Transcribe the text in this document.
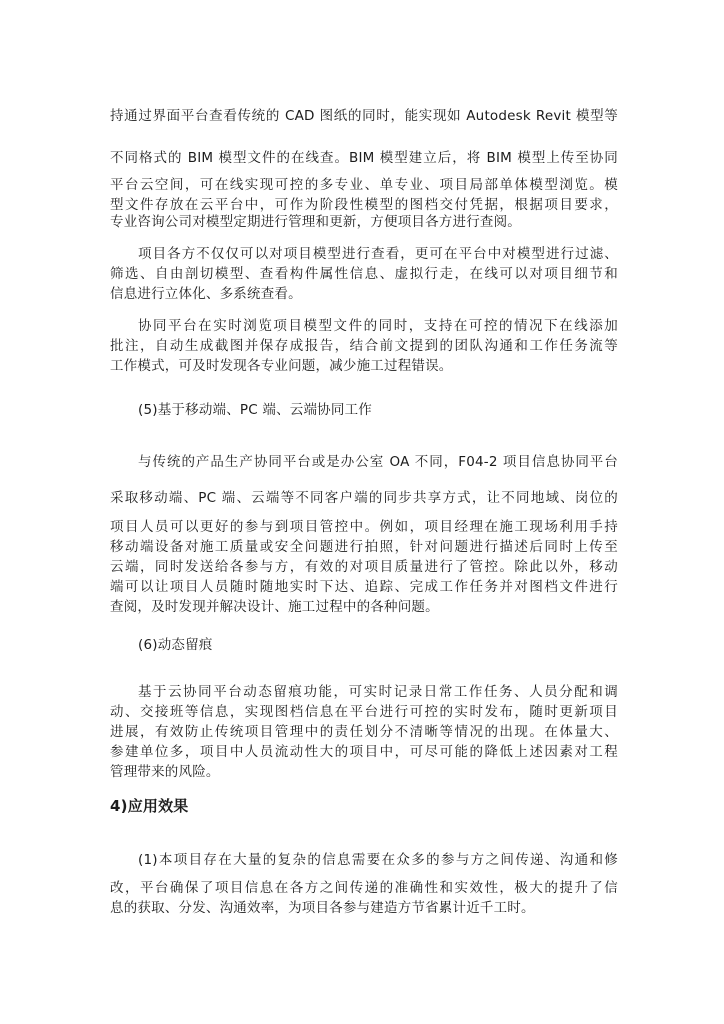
持通过界面平台查看传统的 CAD 图纸的同时，能实现如 Autodesk Revit 模型等
不同格式的 BIM 模型文件的在线查。BIM 模型建立后，将 BIM 模型上传至协同
平台云空间，可在线实现可控的多专业、单专业、项目局部单体模型浏览。模
型文件存放在云平台中，可作为阶段性模型的图档交付凭据，根据项目要求，
专业咨询公司对模型定期进行管理和更新，方便项目各方进行查阅。
项目各方不仅仅可以对项目模型进行查看，更可在平台中对模型进行过滤、
筛选、自由剖切模型、查看构件属性信息、虚拟行走，在线可以对项目细节和
信息进行立体化、多系统查看。
协同平台在实时浏览项目模型文件的同时，支持在可控的情况下在线添加
批注，自动生成截图并保存成报告，结合前文提到的团队沟通和工作任务流等
工作模式，可及时发现各专业问题，减少施工过程错误。
(5)基于移动端、PC 端、云端协同工作
与传统的产品生产协同平台或是办公室 OA 不同，F04-2 项目信息协同平台
采取移动端、PC 端、云端等不同客户端的同步共享方式，让不同地域、岗位的
项目人员可以更好的参与到项目管控中。例如，项目经理在施工现场利用手持
移动端设备对施工质量或安全问题进行拍照，针对问题进行描述后同时上传至
云端，同时发送给各参与方，有效的对项目质量进行了管控。除此以外，移动
端可以让项目人员随时随地实时下达、追踪、完成工作任务并对图档文件进行
查阅，及时发现并解决设计、施工过程中的各种问题。
(6)动态留痕
基于云协同平台动态留痕功能，可实时记录日常工作任务、人员分配和调
动、交接班等信息，实现图档信息在平台进行可控的实时发布，随时更新项目
进展，有效防止传统项目管理中的责任划分不清晰等情况的出现。在体量大、
参建单位多，项目中人员流动性大的项目中，可尽可能的降低上述因素对工程
管理带来的风险。
4)应用效果
(1)本项目存在大量的复杂的信息需要在众多的参与方之间传递、沟通和修
改，平台确保了项目信息在各方之间传递的准确性和实效性，极大的提升了信
息的获取、分发、沟通效率，为项目各参与建造方节省累计近千工时。
